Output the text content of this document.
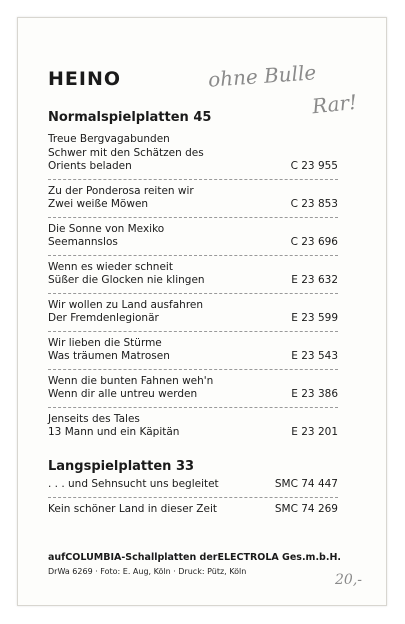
HEINO	ohne Bulle
Rar!
Normalspielplatten 45
Treue Bergvagabunden
Schwer mit den Schätzen des
Orients beladen	C 23 955
Zu der Ponderosa reiten wir
Zwei weiße Möwen	C 23 853
Die Sonne von Mexiko
Seemannslos	C 23 696
Wenn es wieder schneit
Süßer die Glocken nie klingen	E 23 632
Wir wollen zu Land ausfahren
Der Fremdenlegionär	E 23 599
Wir lieben die Stürme
Was träumen Matrosen	E 23 543
Wenn die bunten Fahnen weh'n
Wenn dir alle untreu werden	E 23 386
Jenseits des Tales
13 Mann und ein Käpitän	E 23 201
Langspielplatten 33
. . . und Sehnsucht uns begleitet	SMC 74 447
Kein schöner Land in dieser Zeit	SMC 74 269
aufCOLUMBIA-Schallplatten derELECTROLA Ges.m.b.H.
DrWa 6269 · Foto: E. Aug, Köln · Druck: Pütz, Köln
20,-
